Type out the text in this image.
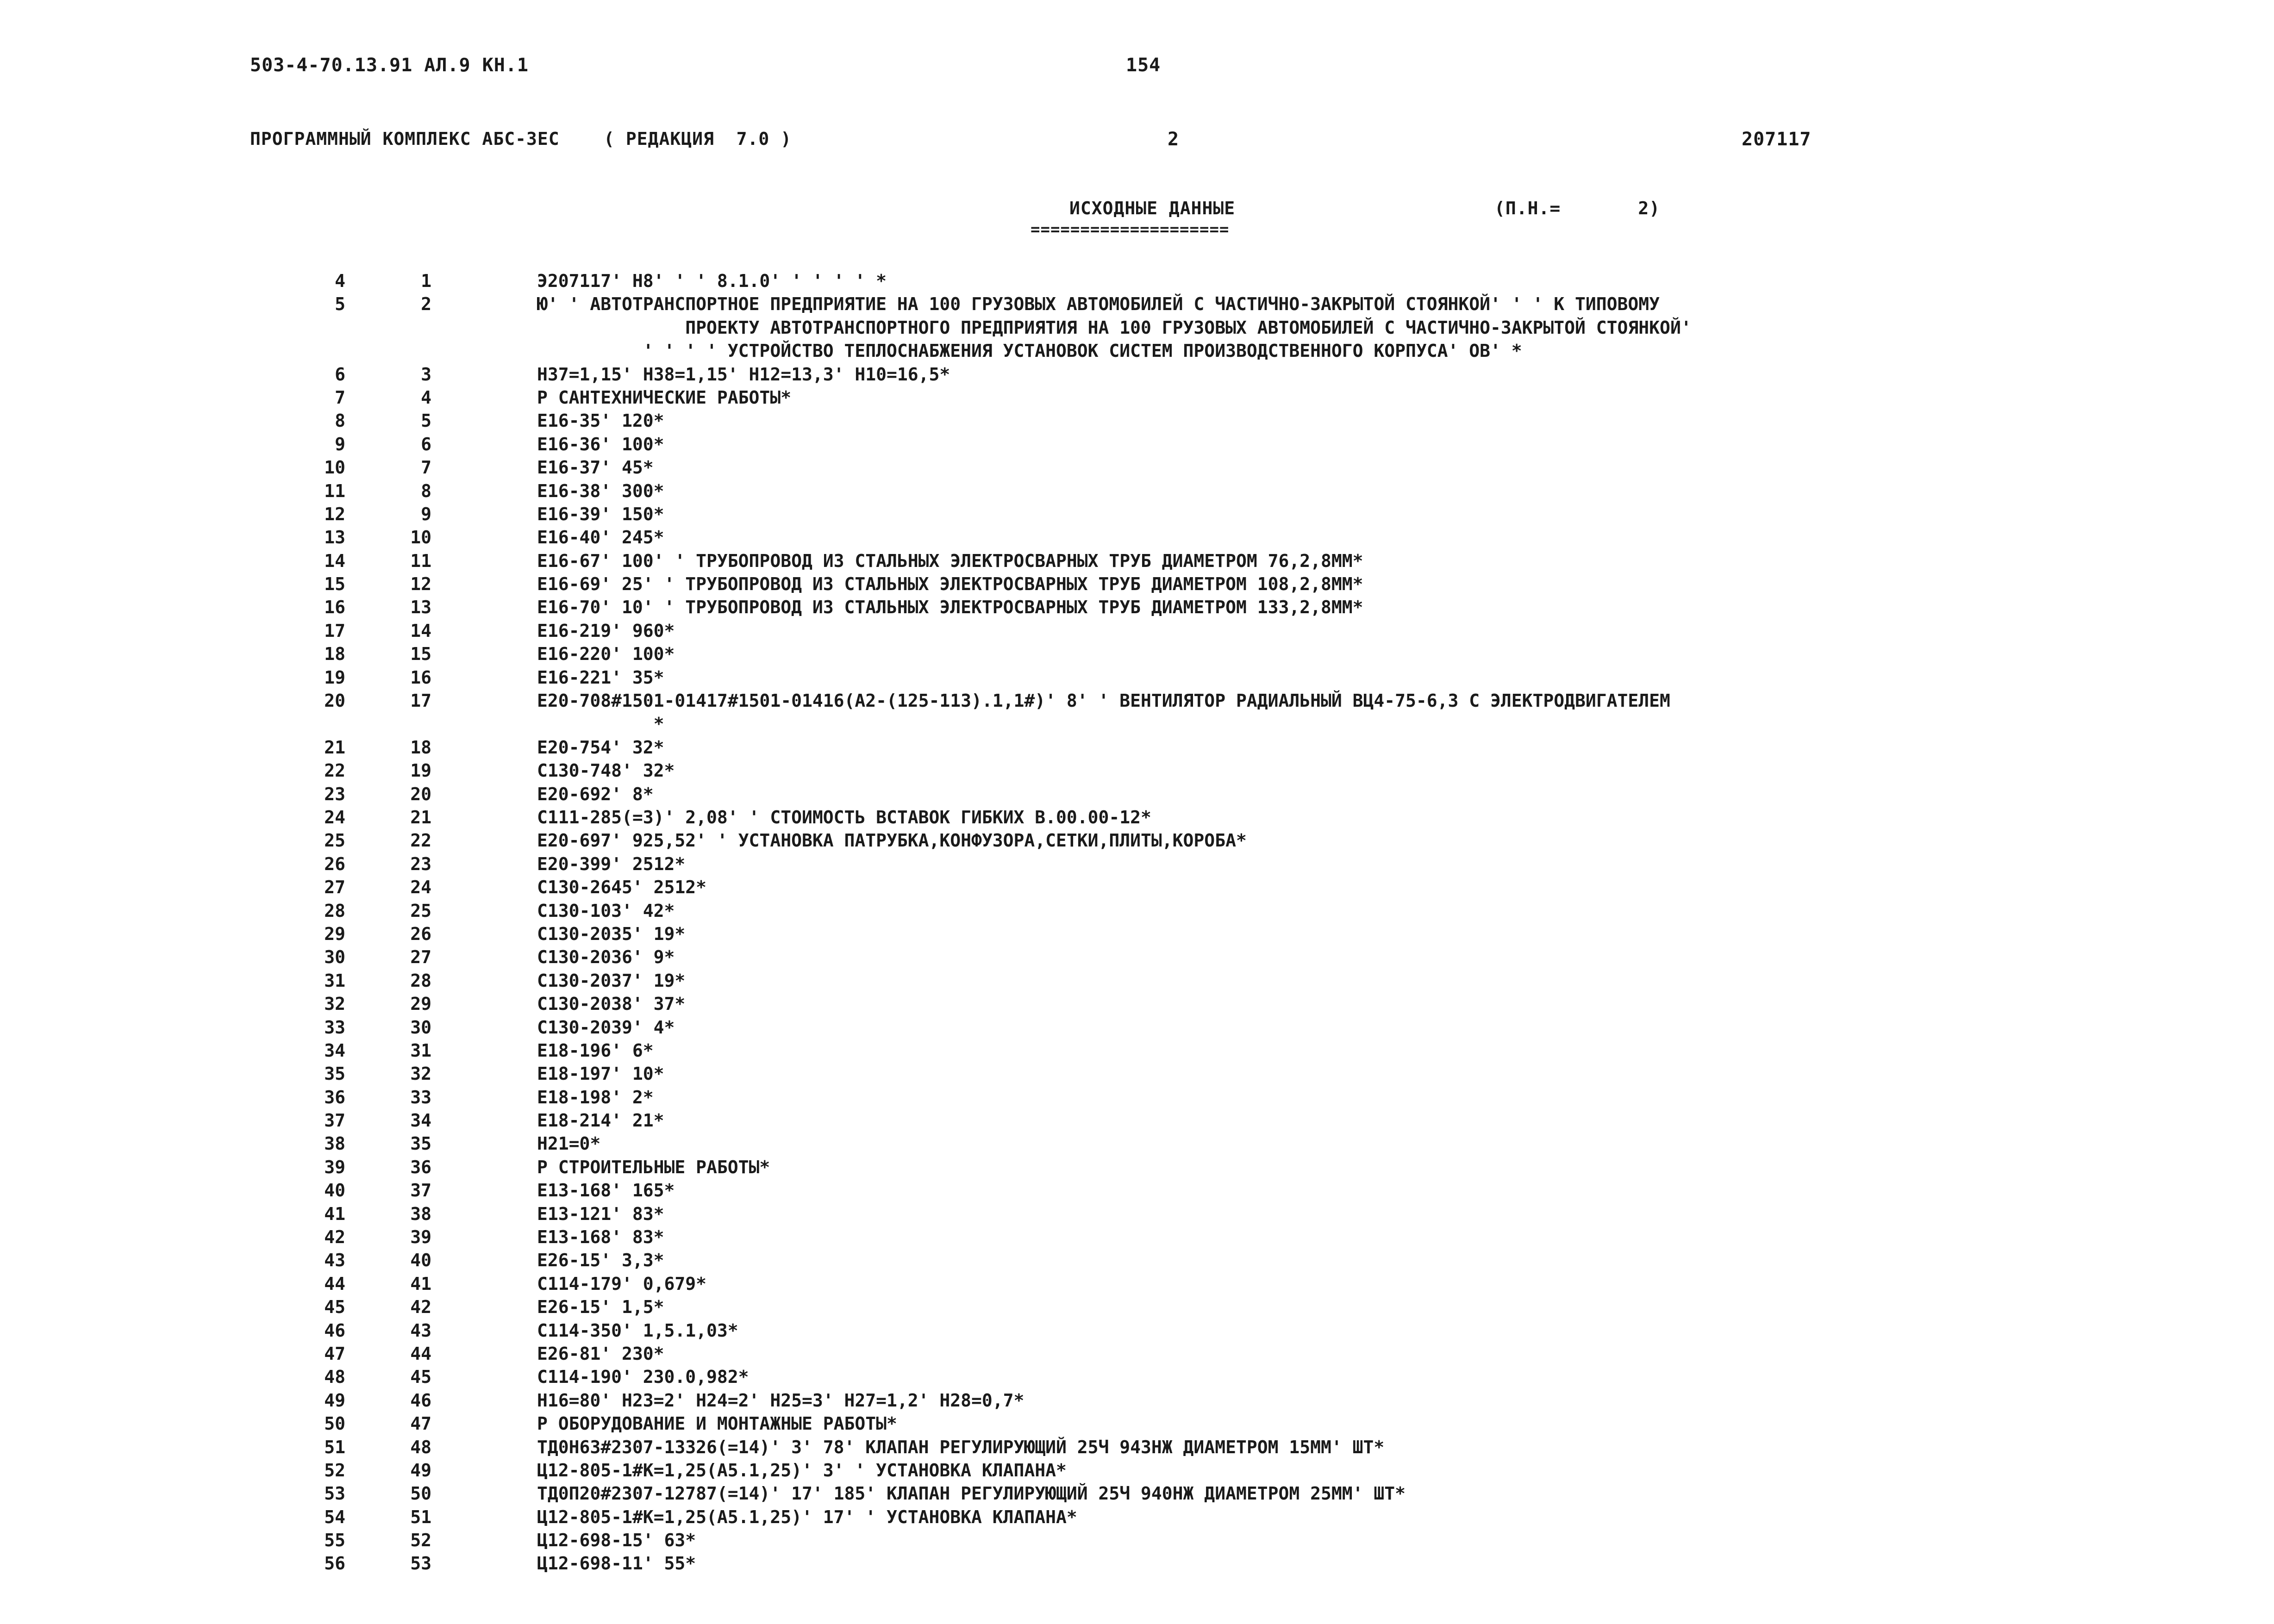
503-4-70.13.91 АЛ.9 КН.1	154
ПРОГРАММНЫЙ КОМПЛЕКС АБС-3ЕС    ( РЕДАКЦИЯ  7.0 )	2	207117
ИСХОДНЫЕ ДАННЫЕ
====================
(П.Н.=       2)
4	1	Э207117' Н8' ' ' 8.1.0' ' ' ' ' *
5	2	Ю' ' АВТОТРАНСПОРТНОЕ ПРЕДПРИЯТИЕ НА 100 ГРУЗОВЫХ АВТОМОБИЛЕЙ С ЧАСТИЧНО-ЗАКРЫТОЙ СТОЯНКОЙ' ' ' К ТИПОВОМУ
ПРОЕКТУ АВТОТРАНСПОРТНОГО ПРЕДПРИЯТИЯ НА 100 ГРУЗОВЫХ АВТОМОБИЛЕЙ С ЧАСТИЧНО-ЗАКРЫТОЙ СТОЯНКОЙ'
' ' ' ' УСТРОЙСТВО ТЕПЛОСНАБЖЕНИЯ УСТАНОВОК СИСТЕМ ПРОИЗВОДСТВЕННОГО КОРПУСА' ОВ' *
6	3	Н37=1,15' Н38=1,15' Н12=13,3' Н10=16,5*
7	4	Р САНТЕХНИЧЕСКИЕ РАБОТЫ*
8	5	Е16-35' 120*
9	6	Е16-36' 100*
10	7	Е16-37' 45*
11	8	Е16-38' 300*
12	9	Е16-39' 150*
13	10	Е16-40' 245*
14	11	Е16-67' 100' ' ТРУБОПРОВОД ИЗ СТАЛЬНЫХ ЭЛЕКТРОСВАРНЫХ ТРУБ ДИАМЕТРОМ 76,2,8ММ*
15	12	Е16-69' 25' ' ТРУБОПРОВОД ИЗ СТАЛЬНЫХ ЭЛЕКТРОСВАРНЫХ ТРУБ ДИАМЕТРОМ 108,2,8ММ*
16	13	Е16-70' 10' ' ТРУБОПРОВОД ИЗ СТАЛЬНЫХ ЭЛЕКТРОСВАРНЫХ ТРУБ ДИАМЕТРОМ 133,2,8ММ*
17	14	Е16-219' 960*
18	15	Е16-220' 100*
19	16	Е16-221' 35*
20	17	Е20-708#1501-01417#1501-01416(А2-(125-113).1,1#)' 8' ' ВЕНТИЛЯТОР РАДИАЛЬНЫЙ ВЦ4-75-6,3 С ЭЛЕКТРОДВИГАТЕЛЕМ
*
21	18	Е20-754' 32*
22	19	С130-748' 32*
23	20	Е20-692' 8*
24	21	С111-285(=3)' 2,08' ' СТОИМОСТЬ ВСТАВОК ГИБКИХ В.00.00-12*
25	22	Е20-697' 925,52' ' УСТАНОВКА ПАТРУБКА,КОНФУЗОРА,СЕТКИ,ПЛИТЫ,КОРОБА*
26	23	Е20-399' 2512*
27	24	С130-2645' 2512*
28	25	С130-103' 42*
29	26	С130-2035' 19*
30	27	С130-2036' 9*
31	28	С130-2037' 19*
32	29	С130-2038' 37*
33	30	С130-2039' 4*
34	31	Е18-196' 6*
35	32	Е18-197' 10*
36	33	Е18-198' 2*
37	34	Е18-214' 21*
38	35	Н21=0*
39	36	Р СТРОИТЕЛЬНЫЕ РАБОТЫ*
40	37	Е13-168' 165*
41	38	Е13-121' 83*
42	39	Е13-168' 83*
43	40	Е26-15' 3,3*
44	41	С114-179' 0,679*
45	42	Е26-15' 1,5*
46	43	С114-350' 1,5.1,03*
47	44	Е26-81' 230*
48	45	С114-190' 230.0,982*
49	46	Н16=80' Н23=2' Н24=2' Н25=3' Н27=1,2' Н28=0,7*
50	47	Р ОБОРУДОВАНИЕ И МОНТАЖНЫЕ РАБОТЫ*
51	48	ТД0Н63#2307-13326(=14)' 3' 78' КЛАПАН РЕГУЛИРУЮЩИЙ 25Ч 943НЖ ДИАМЕТРОМ 15ММ' ШТ*
52	49	Ц12-805-1#К=1,25(А5.1,25)' 3' ' УСТАНОВКА КЛАПАНА*
53	50	ТД0П20#2307-12787(=14)' 17' 185' КЛАПАН РЕГУЛИРУЮЩИЙ 25Ч 940НЖ ДИАМЕТРОМ 25ММ' ШТ*
54	51	Ц12-805-1#К=1,25(А5.1,25)' 17' ' УСТАНОВКА КЛАПАНА*
55	52	Ц12-698-15' 63*
56	53	Ц12-698-11' 55*
